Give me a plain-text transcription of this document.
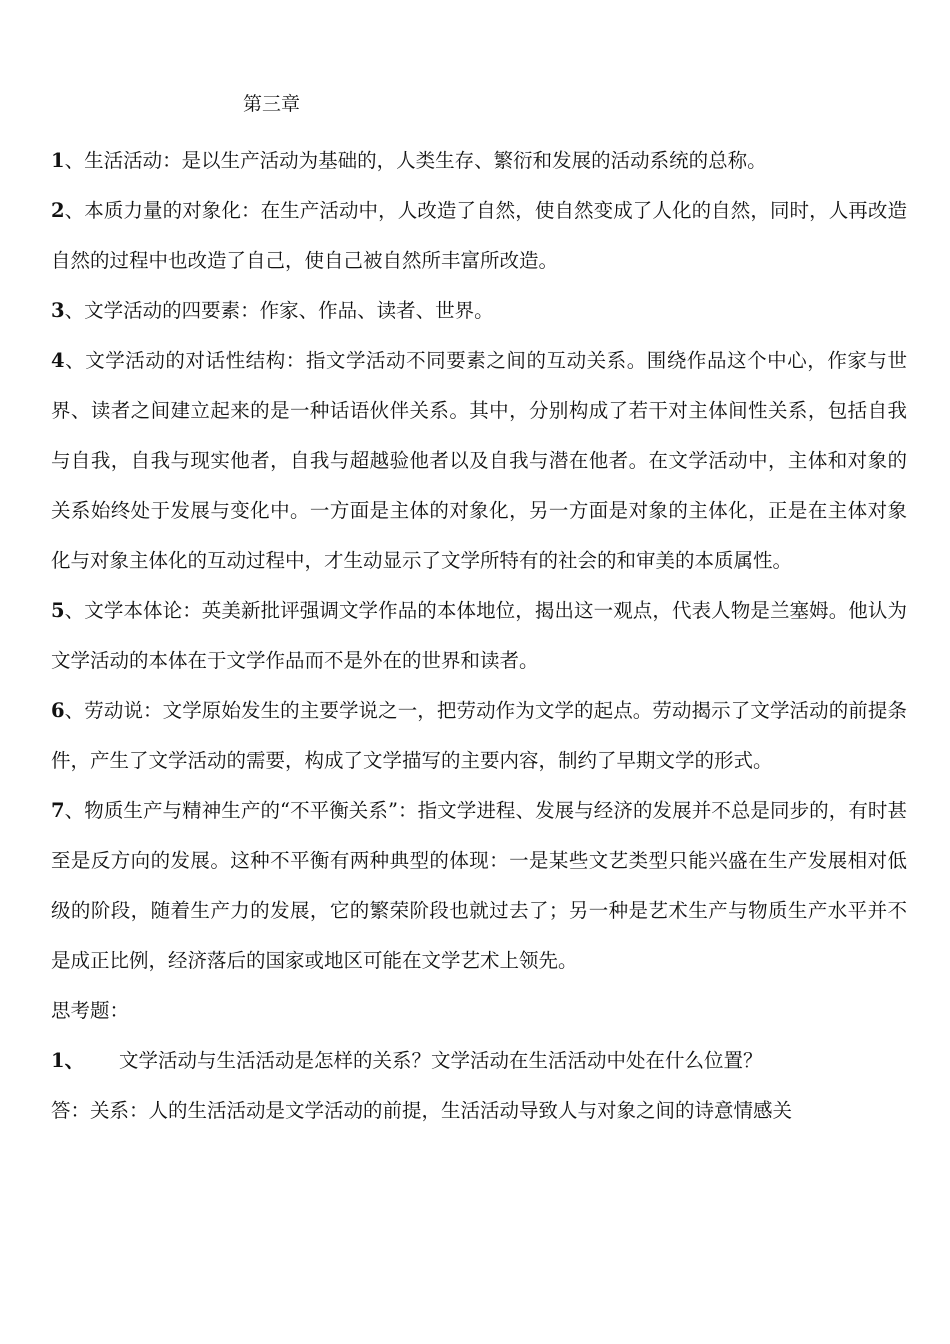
第三章

1、生活活动：是以生产活动为基础的，人类生存、繁衍和发展的活动系统的总称。

2、本质力量的对象化：在生产活动中，人改造了自然，使自然变成了人化的自然，同时，人再改造自然的过程中也改造了自己，使自己被自然所丰富所改造。

3、文学活动的四要素：作家、作品、读者、世界。

4、文学活动的对话性结构：指文学活动不同要素之间的互动关系。围绕作品这个中心，作家与世界、读者之间建立起来的是一种话语伙伴关系。其中，分别构成了若干对主体间性关系，包括自我与自我，自我与现实他者，自我与超越验他者以及自我与潜在他者。在文学活动中，主体和对象的关系始终处于发展与变化中。一方面是主体的对象化，另一方面是对象的主体化，正是在主体对象化与对象主体化的互动过程中，才生动显示了文学所特有的社会的和审美的本质属性。

5、文学本体论：英美新批评强调文学作品的本体地位，揭出这一观点，代表人物是兰塞姆。他认为文学活动的本体在于文学作品而不是外在的世界和读者。

6、劳动说：文学原始发生的主要学说之一，把劳动作为文学的起点。劳动揭示了文学活动的前提条件，产生了文学活动的需要，构成了文学描写的主要内容，制约了早期文学的形式。

7、物质生产与精神生产的“不平衡关系”：指文学进程、发展与经济的发展并不总是同步的，有时甚至是反方向的发展。这种不平衡有两种典型的体现：一是某些文艺类型只能兴盛在生产发展相对低级的阶段，随着生产力的发展，它的繁荣阶段也就过去了；另一种是艺术生产与物质生产水平并不是成正比例，经济落后的国家或地区可能在文学艺术上领先。

思考题：

1、	文学活动与生活活动是怎样的关系？文学活动在生活活动中处在什么位置？

答：关系：人的生活活动是文学活动的前提，生活活动导致人与对象之间的诗意情感关
